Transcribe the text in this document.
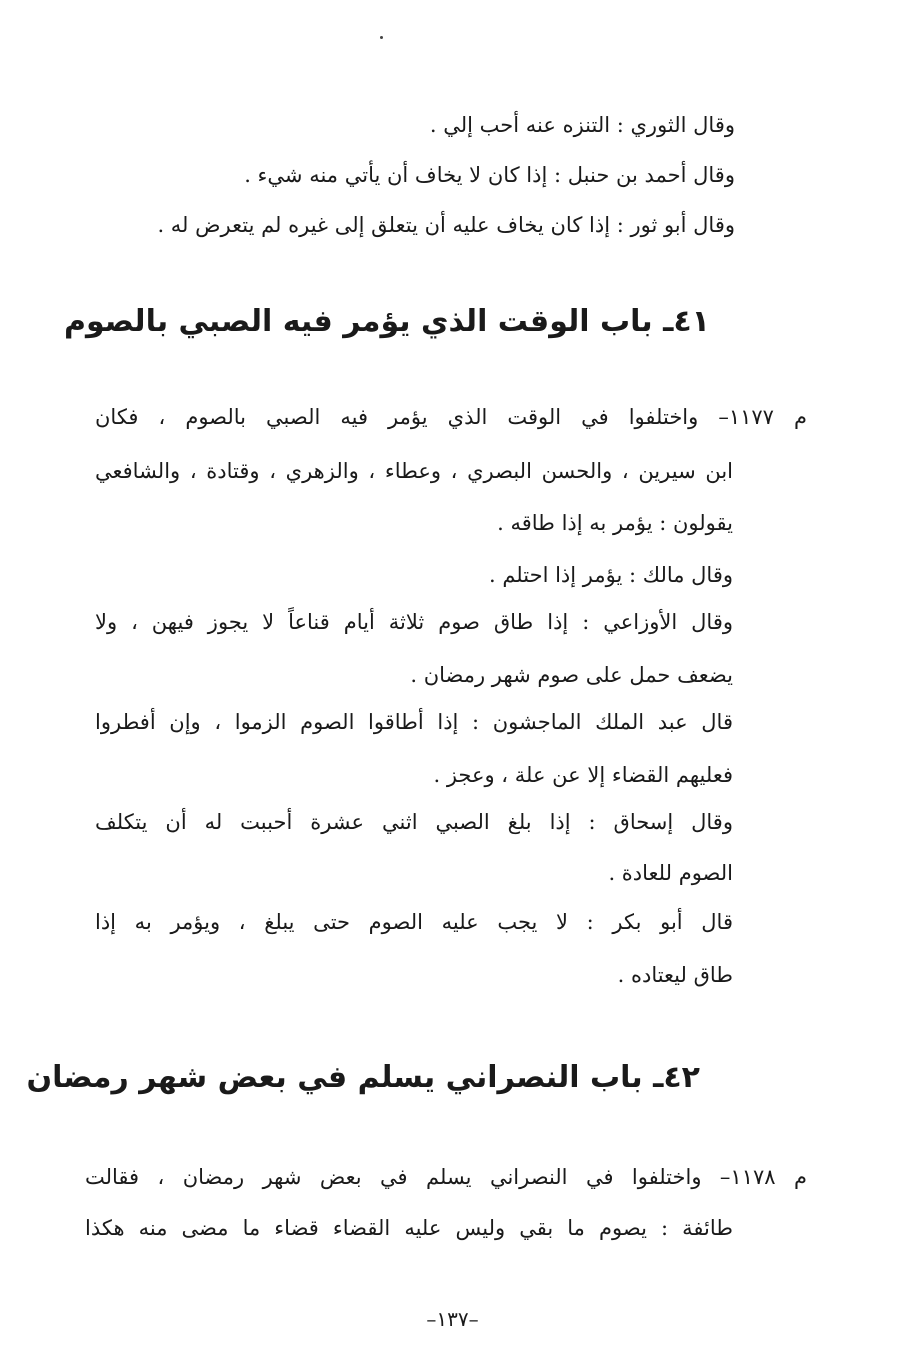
وقال الثوري : التنزه عنه أحب إلي .
وقال أحمد بن حنبل : إذا كان لا يخاف أن يأتي منه شيء .
وقال أبو ثور : إذا كان يخاف عليه أن يتعلق إلى غيره لم يتعرض له .
٤١ـ باب الوقت الذي يؤمر فيه الصبي بالصوم
م ١١٧٧– واختلفوا في الوقت الذي يؤمر فيه الصبي بالصوم ، فكان
ابن سيرين ، والحسن البصري ، وعطاء ، والزهري ، وقتادة ، والشافعي
يقولون : يؤمر به إذا طاقه .
وقال مالك : يؤمر إذا احتلم .
وقال الأوزاعي : إذا طاق صوم ثلاثة أيام قناعاً لا يجوز فيهن ، ولا
يضعف حمل على صوم شهر رمضان .
قال عبد الملك الماجشون : إذا أطاقوا الصوم الزموا ، وإن أفطروا
فعليهم القضاء إلا عن علة ، وعجز .
وقال إسحاق : إذا بلغ الصبي اثني عشرة أحببت له أن يتكلف
الصوم للعادة .
قال أبو بكر : لا يجب عليه الصوم حتى يبلغ ، ويؤمر به إذا
طاق ليعتاده .
٤٢ـ باب النصراني يسلم في بعض شهر رمضان
م ١١٧٨– واختلفوا في النصراني يسلم في بعض شهر رمضان ، فقالت
طائفة : يصوم ما بقي وليس عليه القضاء قضاء ما مضى منه هكذا
–١٣٧–
